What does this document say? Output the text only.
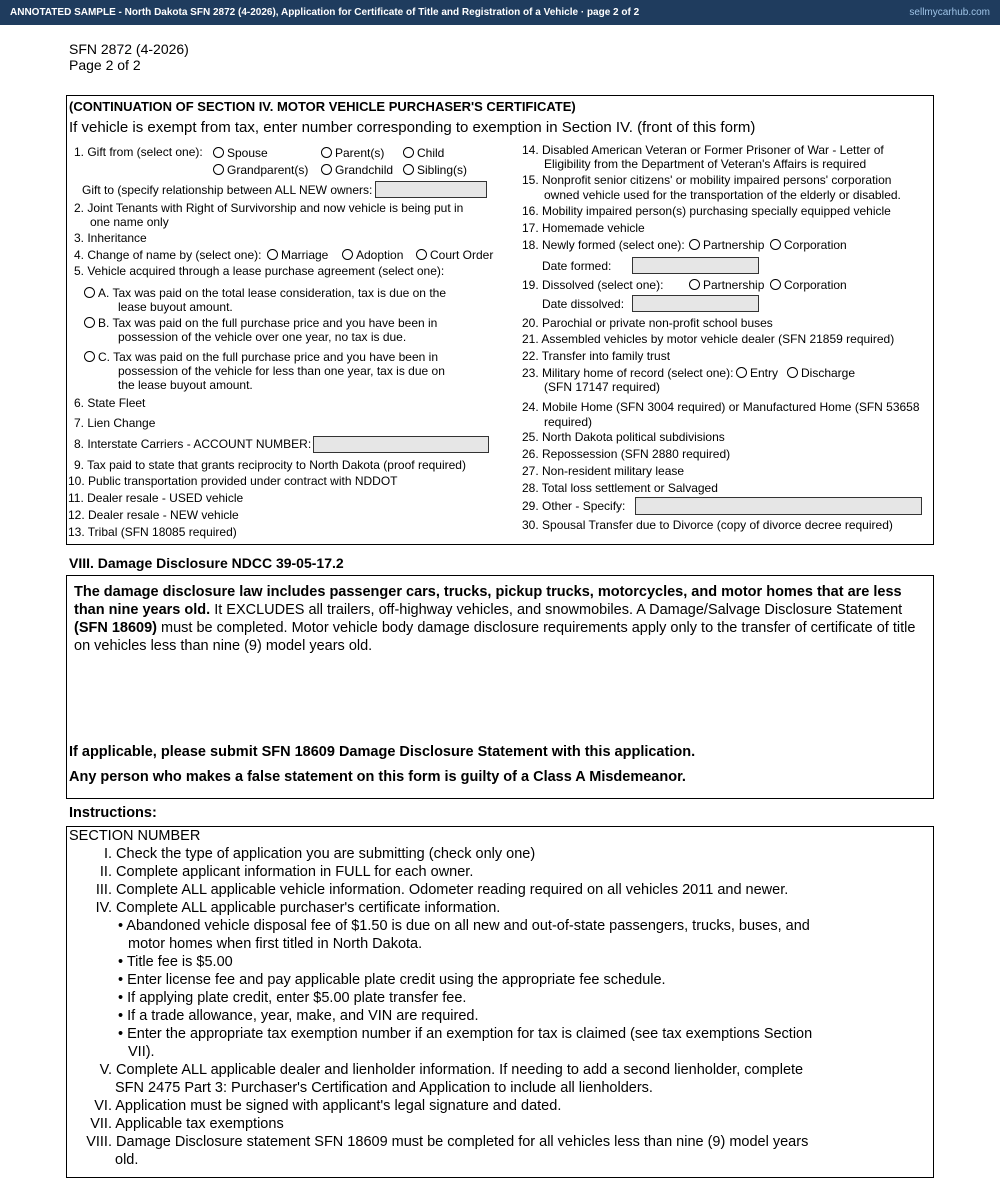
ANNOTATED SAMPLE - North Dakota SFN 2872 (4-2026), Application for Certificate of Title and Registration of a Vehicle · page 2 of 2	sellmycarhub.com
SFN 2872 (4-2026)
Page 2 of 2
(CONTINUATION OF SECTION IV. MOTOR VEHICLE PURCHASER'S CERTIFICATE)
If vehicle is exempt from tax, enter number corresponding to exemption in Section IV. (front of this form)
1. Gift from (select one):	Spouse	Parent(s)	Child
Grandparent(s)	Grandchild	Sibling(s)
Gift to (specify relationship between ALL NEW owners:
2. Joint Tenants with Right of Survivorship and now vehicle is being put in
one name only
3. Inheritance
4. Change of name by (select one):	Marriage	Adoption	Court Order
5. Vehicle acquired through a lease purchase agreement (select one):
A. Tax was paid on the total lease consideration, tax is due on the
lease buyout amount.
B. Tax was paid on the full purchase price and you have been in
possession of the vehicle over one year, no tax is due.
C. Tax was paid on the full purchase price and you have been in
possession of the vehicle for less than one year, tax is due on
the lease buyout amount.
6. State Fleet
7. Lien Change
8. Interstate Carriers - ACCOUNT NUMBER:
9. Tax paid to state that grants reciprocity to North Dakota (proof required)
10. Public transportation provided under contract with NDDOT
11. Dealer resale - USED vehicle
12. Dealer resale - NEW vehicle
13. Tribal (SFN 18085 required)
14. Disabled American Veteran or Former Prisoner of War - Letter of
Eligibility from the Department of Veteran's Affairs is required
15. Nonprofit senior citizens' or mobility impaired persons' corporation
owned vehicle used for the transportation of the elderly or disabled.
16. Mobility impaired person(s) purchasing specially equipped vehicle
17. Homemade vehicle
18. Newly formed (select one):	Partnership	Corporation
Date formed:
19. Dissolved (select one):	Partnership	Corporation
Date dissolved:
20. Parochial or private non-profit school buses
21. Assembled vehicles by motor vehicle dealer (SFN 21859 required)
22. Transfer into family trust
23. Military home of record (select one):	Entry	Discharge
(SFN 17147 required)
24. Mobile Home (SFN 3004 required) or Manufactured Home (SFN 53658
required)
25. North Dakota political subdivisions
26. Repossession (SFN 2880 required)
27. Non-resident military lease
28. Total loss settlement or Salvaged
29. Other - Specify:
30. Spousal Transfer due to Divorce (copy of divorce decree required)
VIII. Damage Disclosure NDCC 39-05-17.2
The damage disclosure law includes passenger cars, trucks, pickup trucks, motorcycles, and motor homes that are less than nine years old. It EXCLUDES all trailers, off-highway vehicles, and snowmobiles. A Damage/Salvage Disclosure Statement (SFN 18609) must be completed. Motor vehicle body damage disclosure requirements apply only to the transfer of certificate of title on vehicles less than nine (9) model years old.
If applicable, please submit SFN 18609 Damage Disclosure Statement with this application.
Any person who makes a false statement on this form is guilty of a Class A Misdemeanor.
Instructions:
SECTION NUMBER
I. Check the type of application you are submitting (check only one)
II. Complete applicant information in FULL for each owner.
III. Complete ALL applicable vehicle information. Odometer reading required on all vehicles 2011 and newer.
IV. Complete ALL applicable purchaser's certificate information.
• Abandoned vehicle disposal fee of $1.50 is due on all new and out-of-state passengers, trucks, buses, and
motor homes when first titled in North Dakota.
• Title fee is $5.00
• Enter license fee and pay applicable plate credit using the appropriate fee schedule.
• If applying plate credit, enter $5.00 plate transfer fee.
• If a trade allowance, year, make, and VIN are required.
• Enter the appropriate tax exemption number if an exemption for tax is claimed (see tax exemptions Section
VII).
V. Complete ALL applicable dealer and lienholder information. If needing to add a second lienholder, complete
SFN 2475 Part 3: Purchaser's Certification and Application to include all lienholders.
VI. Application must be signed with applicant's legal signature and dated.
VII. Applicable tax exemptions
VIII. Damage Disclosure statement SFN 18609 must be completed for all vehicles less than nine (9) model years
old.
